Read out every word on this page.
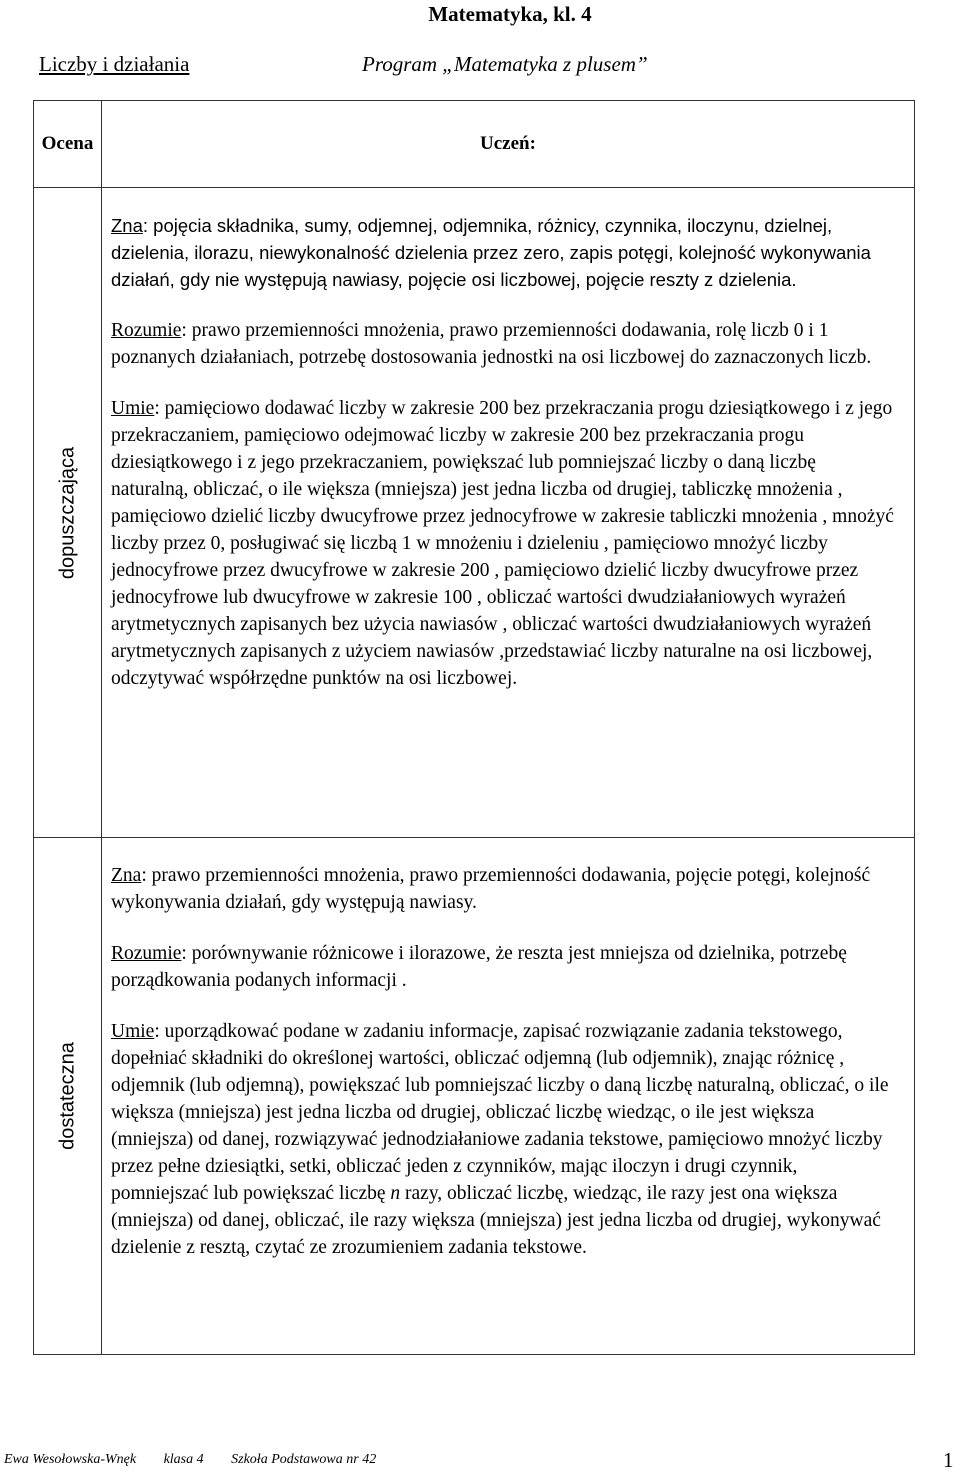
Matematyka, kl. 4
Liczby i działania	Program „Matematyka z plusem”
Ocena	Uczeń:

dopuszczająca	Zna: pojęcia składnika, sumy, odjemnej, odjemnika, różnicy, czynnika, iloczynu, dzielnej, dzielenia, ilorazu, niewykonalność dzielenia przez zero, zapis potęgi, kolejność wykonywania działań, gdy nie występują nawiasy, pojęcie osi liczbowej, pojęcie reszty z dzielenia.

Rozumie: prawo przemienności mnożenia, prawo przemienności dodawania, rolę liczb 0 i 1 poznanych działaniach, potrzebę dostosowania jednostki na osi liczbowej do zaznaczonych liczb.

Umie: pamięciowo dodawać liczby w zakresie 200 bez przekraczania progu dziesiątkowego i z jego przekraczaniem, pamięciowo odejmować liczby w zakresie 200 bez przekraczania progu dziesiątkowego i z jego przekraczaniem, powiększać lub pomniejszać liczby o daną liczbę naturalną, obliczać, o ile większa (mniejsza) jest jedna liczba od drugiej, tabliczkę mnożenia , pamięciowo dzielić liczby dwucyfrowe przez jednocyfrowe w zakresie tabliczki mnożenia , mnożyć liczby przez 0, posługiwać się liczbą 1 w mnożeniu i dzieleniu , pamięciowo mnożyć liczby jednocyfrowe przez dwucyfrowe w zakresie 200 , pamięciowo dzielić liczby dwucyfrowe przez jednocyfrowe lub dwucyfrowe w zakresie 100 , obliczać wartości dwudziałaniowych wyrażeń arytmetycznych zapisanych bez użycia nawiasów , obliczać wartości dwudziałaniowych wyrażeń arytmetycznych zapisanych z użyciem nawiasów ,przedstawiać liczby naturalne na osi liczbowej, odczytywać współrzędne punktów na osi liczbowej.

dostateczna	Zna: prawo przemienności mnożenia, prawo przemienności dodawania, pojęcie potęgi, kolejność wykonywania działań, gdy występują nawiasy.

Rozumie: porównywanie różnicowe i ilorazowe, że reszta jest mniejsza od dzielnika, potrzebę porządkowania podanych informacji .

Umie: uporządkować podane w zadaniu informacje, zapisać rozwiązanie zadania tekstowego, dopełniać składniki do określonej wartości, obliczać odjemną (lub odjemnik), znając różnicę , odjemnik (lub odjemną), powiększać lub pomniejszać liczby o daną liczbę naturalną, obliczać, o ile większa (mniejsza) jest jedna liczba od drugiej, obliczać liczbę wiedząc, o ile jest większa (mniejsza) od danej, rozwiązywać jednodziałaniowe zadania tekstowe, pamięciowo mnożyć liczby przez pełne dziesiątki, setki, obliczać jeden z czynników, mając iloczyn i drugi czynnik, pomniejszać lub powiększać liczbę n razy, obliczać liczbę, wiedząc, ile razy jest ona większa (mniejsza) od danej, obliczać, ile razy większa (mniejsza) jest jedna liczba od drugiej, wykonywać dzielenie z resztą, czytać ze zrozumieniem zadania tekstowe.

Ewa Wesołowska-Wnęk klasa 4 Szkoła Podstawowa nr 42	1
